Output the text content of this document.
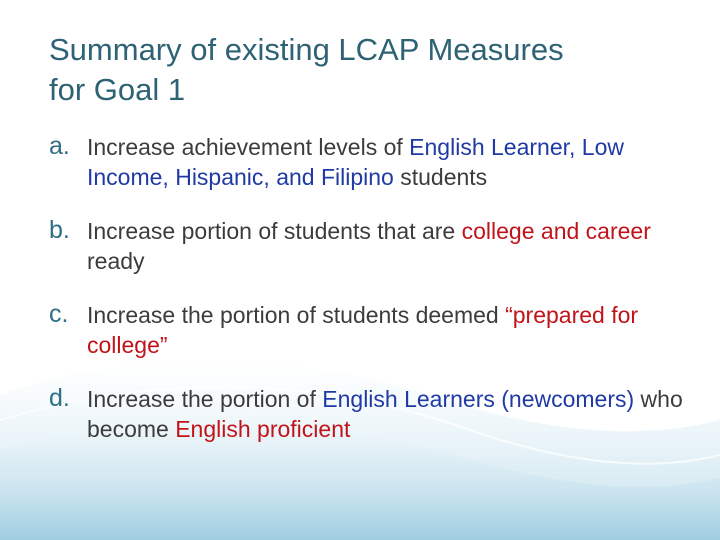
Summary of existing LCAP Measures
for Goal 1
a. Increase achievement levels of English Learner, Low Income, Hispanic, and Filipino students
b. Increase portion of students that are college and career ready
c. Increase the portion of students deemed “prepared for college”
d. Increase the portion of English Learners (newcomers) who become English proficient
